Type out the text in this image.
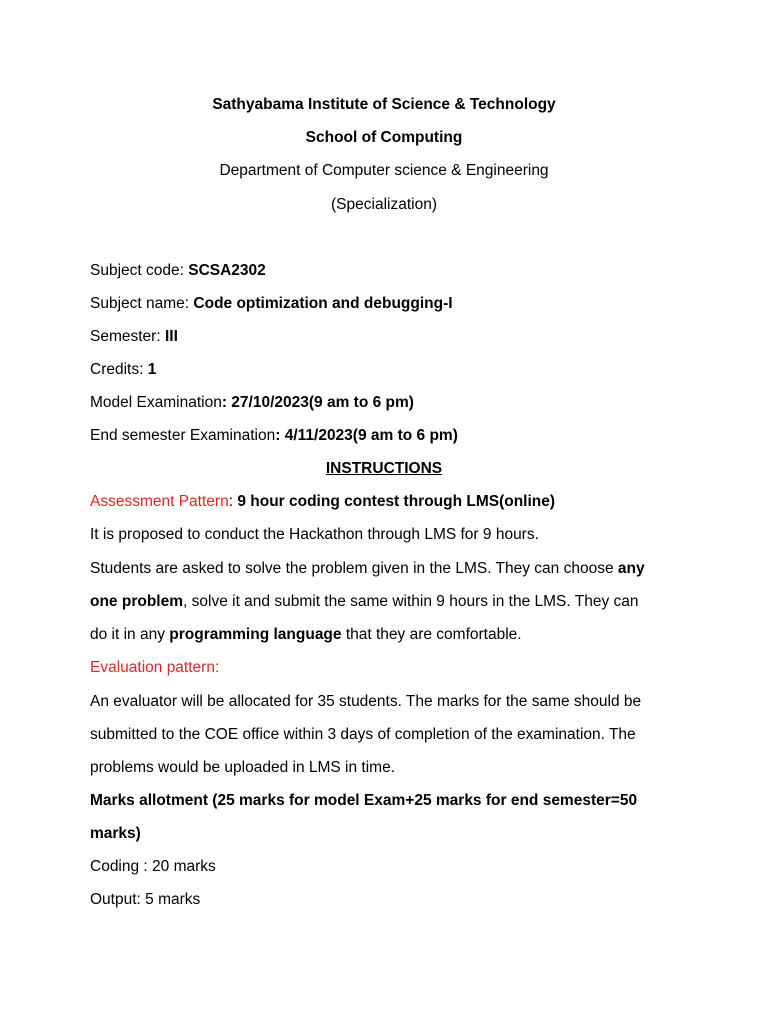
Sathyabama Institute of Science & Technology
School of Computing
Department of Computer science & Engineering
(Specialization)
Subject code: SCSA2302
Subject name: Code optimization and debugging-I
Semester: III
Credits: 1
Model Examination: 27/10/2023(9 am to 6 pm)
End semester Examination: 4/11/2023(9 am to 6 pm)
INSTRUCTIONS
Assessment Pattern: 9 hour coding contest through LMS(online)
It is proposed to conduct the Hackathon through LMS for 9 hours.
Students are asked to solve the problem given in the LMS. They can choose any
one problem, solve it and submit the same within 9 hours in the LMS. They can
do it in any programming language that they are comfortable.
Evaluation pattern:
An evaluator will be allocated for 35 students. The marks for the same should be
submitted to the COE office within 3 days of completion of the examination. The
problems would be uploaded in LMS in time.
Marks allotment (25 marks for model Exam+25 marks for end semester=50
marks)
Coding : 20 marks
Output: 5 marks
